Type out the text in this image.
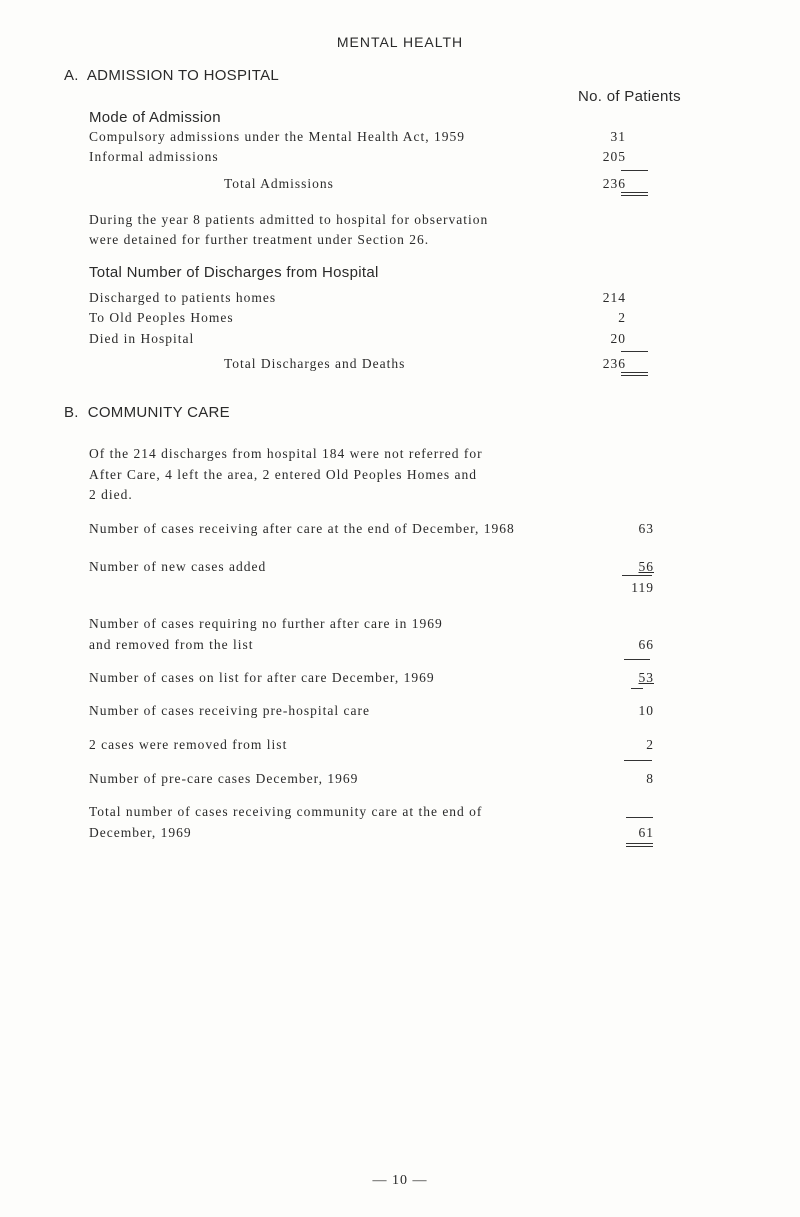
MENTAL HEALTH
A.  ADMISSION TO HOSPITAL
No. of Patients
Mode of Admission
Compulsory admissions under the Mental Health Act, 1959	31
Informal admissions	205
Total Admissions	236
During the year 8 patients admitted to hospital for observation
were detained for further treatment under Section 26.
Total Number of Discharges from Hospital
Discharged to patients homes	214
To Old Peoples Homes	2
Died in Hospital	20
Total Discharges and Deaths	236
B.  COMMUNITY CARE
Of the 214 discharges from hospital 184 were not referred for
After Care, 4 left the area, 2 entered Old Peoples Homes and
2 died.
Number of cases receiving after care at the end of December, 1968	63
Number of new cases added	56
119
Number of cases requiring no further after care in 1969
and removed from the list	66
Number of cases on list for after care December, 1969	53
Number of cases receiving pre-hospital care	10
2 cases were removed from list	2
Number of pre-care cases December, 1969	8
Total number of cases receiving community care at the end of
December, 1969	61
— 10 —
